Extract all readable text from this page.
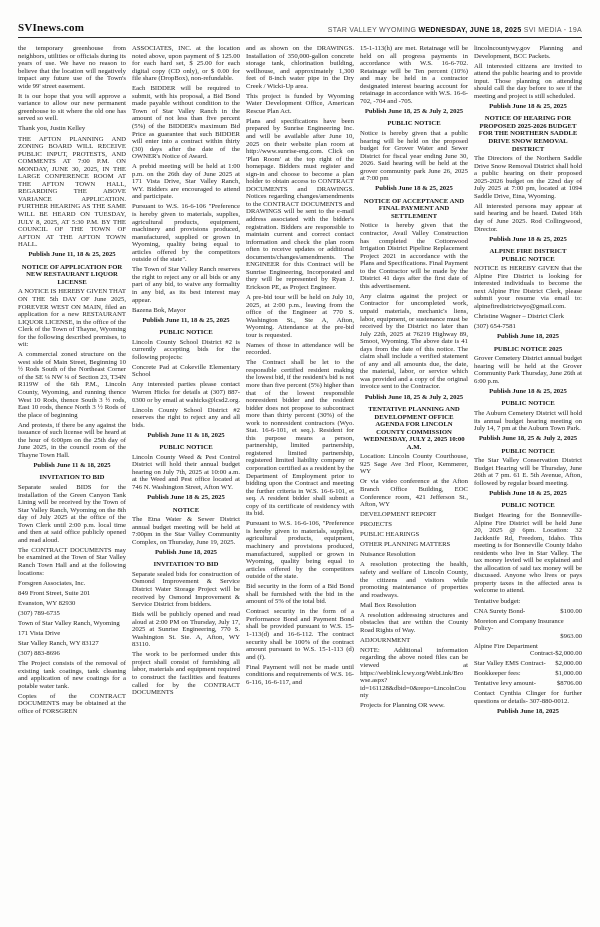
SVInews.com	STAR VALLEY WYOMING WEDNESDAY, JUNE 18, 2025 SVI MEDIA - 19A
the temporary greenhouse from neighbors, utilities or officials during its years of use. We have no reason to believe that the location will negatively impact any future use of the Town's wide 99' street easement.
It is our hope that you will approve a variance to allow our new permanent greenhouse to sit where the old one has served so well.
Thank you, Justin Kelley
THE AFTON PLANNING AND ZONING BOARD WILL RECEIVE PUBLIC INPUT, PROTESTS, AND COMMENTS AT 7:00 P.M. ON MONDAY, JUNE 30, 2025, IN THE LARGE CONFERENCE ROOM AT THE AFTON TOWN HALL, REGARDING THE ABOVE VARIANCE APPLICATION. FURTHER HEARING AS THE SAME WILL BE HEARD ON TUESDAY, JULY 8, 2025, AT 5:30 P.M. BY THE COUNCIL OF THE TOWN OF AFTON AT THE AFTON TOWN HALL.
Publish June 11, 18 & 25, 2025
NOTICE OF APPLICATION FOR NEW RESTAURANT LIQUOR LICENSE
A NOTICE IS HEREBY GIVEN THAT ON THE 5th DAY OF June 2025, FOREVER WEST ON MAIN, filed an application for a new RESTAURANT LIQUOR LICENSE, in the office of the Clerk of the Town of Thayne, Wyoming for the following described premises, to wit:
A commercial zoned structure on the west side of Main Street, Beginning 10 ½ Rods South of the Northeast Corner of the SE ¼ NW ¼ of Section 23, T34N R119W of the 6th P.M., Lincoln County, Wyoming, and running thence West 10 Rods, thence South 3 ½ rods, East 10 rods, thence North 3 ½ Rods of the place of beginning
And protests, if there be any against the issuance of such license will be heard at the hour of 6:00pm on the 25th day of June 2025, in the council room of the Thayne Town Hall.
Publish June 11 & 18, 2025
INVITATION TO BID
Separate sealed BIDS for the installation of the Green Canyon Tank Lining will be received by the Town of Star Valley Ranch, Wyoming on the 8th day of July 2025 at the office of the Town Clerk until 2:00 p.m. local time and then at said office publicly opened and read aloud.
The CONTRACT DOCUMENTS may be examined at the Town of Star Valley Ranch Town Hall and at the following locations:
Forsgren Associates, Inc.
849 Front Street, Suite 201
Evanston, WY 82930
(307) 789-6735
Town of Star Valley Ranch, Wyoming
171 Vista Drive
Star Valley Ranch, WY 83127
(307) 883-8696
The Project consists of the removal of existing tank coatings, tank cleaning and application of new coatings for a potable water tank.
Copies of the CONTRACT DOCUMENTS may be obtained at the office of FORSGREN
ASSOCIATES, INC. at the location noted above, upon payment of $ 125.00 for each hard set, $ 25.00 for each digital copy (CD only), or $ 0.00 for file share (DropBox), non-refundable.
Each BIDDER will be required to submit, with his proposal, a Bid Bond made payable without condition to the Town of Star Valley Ranch in the amount of not less than five percent (5%) of the BIDDER's maximum Bid Price as guarantee that such BIDDER will enter into a contract within thirty (30) days after the date of the OWNER's Notice of Award.
A prebid meeting will be held at 1:00 p.m. on the 26th day of June 2025 at 171 Vista Drive, Star Valley Ranch, WY. Bidders are encouraged to attend and participate.
Pursuant to W.S. 16-6-106 "Preference is hereby given to materials, supplies, agricultural products, equipment, machinery and provisions produced, manufactured, supplied or grown in Wyoming, quality being equal to articles offered by the competitors outside of the state".
The Town of Star Valley Ranch reserves the right to reject any or all bids or any part of any bid, to waive any formality in any bid, as its best interest may appear.
Bazena Bok, Mayor
Publish June 11, 18 & 25, 2025
PUBLIC NOTICE
Lincoln County School District #2 is currently accepting bids for the following projects:
Concrete Pad at Cokeville Elementary School
Any interested parties please contact Warren Hicks for details at (307) 887-0300 or by email at wahicks@lcsd2.org.
Lincoln County School District #2 reserves the right to reject any and all bids.
Publish June 11 & 18, 2025
PUBLIC NOTICE
Lincoln County Weed & Pest Control District will hold their annual budget hearing on July 7th, 2025 at 10:00 a.m. at the Weed and Pest office located at 746 N. Washington Street, Afton WY.
Publish June 18 & 25, 2025
NOTICE
The Etna Water & Sewer District annual budget meeting will be held at 7:00pm in the Star Valley Community Complex, on Thursday, June 19, 2025.
Publish June 18, 2025
INVITATION TO BID
Separate sealed bids for construction of Osmond Improvement & Service District Water Storage Project will be received by Osmond Improvement & Service District from bidders.
Bids will be publicly opened and read aloud at 2:00 PM on Thursday, July 17, 2025 at Sunrise Engineering, 770 S. Washington St. Ste. A, Afton, WY 83110.
The work to be performed under this project shall consist of furnishing all labor, materials and equipment required to construct the facilities and features called for by the CONTRACT DOCUMENTS
and as shown on the DRAWINGS. Installation of 350,000-gallon concrete storage tank, chlorination building, wellhouse, and approximately 1,300 feet of 8-inch water pipe in the Dry Creek / Wicki-Up area.
This project is funded by Wyoming Water Development Office, American Rescue Plan Act.
Plans and specifications have been prepared by Sunrise Engineering Inc. and will be available after June 10, 2025 on their website plan room at http://www.sunrise-eng.com. Click on 'Plan Room' at the top right of the homepage. Bidders must register and sign-in and choose to become a plan holder to obtain access to CONTRACT DOCUMENTS and DRAWINGS. Notices regarding changes/amendments to the CONTRACT DOCUMENTS and DRAWINGS will be sent to the e-mail address associated with the bidder's registration. Bidders are responsible to maintain current and correct contact information and check the plan room often to receive updates or additional documents/changes/amendments. The ENGINEER for this Contract will be Sunrise Engineering, Incorporated and they will be represented by Ryan J. Erickson PE, as Project Engineer.
A pre-bid tour will be held on July 10, 2025, at 2:00 p.m., leaving from the office of the Engineer at 770 S. Washington St., Ste A, Afton, Wyoming. Attendance at the pre-bid tour is requested.
Names of those in attendance will be recorded.
The Contract shall be let to the responsible certified resident making the lowest bid, if the resident's bid is not more than five percent (5%) higher than that of the lowest responsible nonresident bidder and the resident bidder does not propose to subcontract more than thirty percent (30%) of the work to nonresident contractors (Wyo. Stat. 16-6-101, et seq.). Resident for this purpose means a person, partnership, limited partnership, registered limited partnership, registered limited liability company or corporation certified as a resident by the Department of Employment prior to bidding upon the Contract and meeting the further criteria in W.S. 16-6-101, et seq. A resident bidder shall submit a copy of its certificate of residency with its bid.
Pursuant to W.S. 16-6-106, "Preference is hereby given to materials, supplies, agricultural products, equipment, machinery and provisions produced, manufactured, supplied or grown in Wyoming, quality being equal to articles offered by the competitors outside of the state.
Bid security in the form of a Bid Bond shall be furnished with the bid in the amount of 5% of the total bid.
Contract security in the form of a Performance Bond and Payment Bond shall be provided pursuant to W.S. 15-1-113(d) and 16-6-112. The contract security shall be 100% of the contract amount pursuant to W.S. 15-1-113 (d) and (f).
Final Payment will not be made until conditions and requirements of W.S. 16-6-116, 16-6-117, and
15-1-113(h) are met. Retainage will be held on all progress payments in accordance with W.S. 16-6-702. Retainage will be Ten percent (10%) and may be held in a contractor designated interest bearing account for retainage in accordance with W.S. 16-6-702, -704 and -705.
Publish June 18, 25 & July 2, 2025
PUBLIC NOTICE
Notice is hereby given that a public hearing will be held on the proposed budget for Grover Water and Sewer District for fiscal year ending June 30, 2026. Said hearing will be held at the grover community park June 26, 2025 at 7:00 pm
Publish June 18 & 25, 2025
NOTICE OF ACCEPTANCE AND FINAL PAYMENT AND SETTLEMENT
Notice is hereby given that the contractor, Avail Valley Construction has completed the Cottonwood Irrigation District Pipeline Replacement Project 2021 in accordance with the Plans and Specifications. Final Payment to the Contractor will be made by the District 41 days after the first date of this advertisement.
Any claims against the project or Contractor for uncompleted work, unpaid materials, mechanic's liens, labor, equipment, or sustenance must be received by the District no later than July 22th, 2025 at 76219 Highway 89, Smoot, Wyoming. The above date is 41 days from the date of this notice. The claim shall include a verified statement of any and all amounts due, the date, the material, labor, or service which was provided and a copy of the original invoice sent to the Contractor.
Publish June 18, 25 & July 2, 2025
TENTATIVE PLANNING AND DEVELOPMENT OFFICE AGENDA FOR LINCOLN COUNTY COMMISSION WEDNESDAY, JULY 2, 2025 10:00 A.M.
Location: Lincoln County Courthouse, 925 Sage Ave 3rd Floor, Kemmerer, WY
Or via video conference at the Afton Branch Office Building, EOC Conference room, 421 Jefferson St., Afton, WY
DEVELOPMENT REPORT
PROJECTS
PUBLIC HEARINGS
OTHER PLANNING MATTERS
Nuisance Resolution
A resolution protecting the health, safety and welfare of Lincoln County, the citizens and visitors while promoting maintenance of properties and roadways.
Mail Box Resolution
A resolution addressing structures and obstacles that are within the County Road Rights of Way.
ADJOURNMENT
NOTE: Additional information regarding the above noted files can be viewed at https://weblink.lcwy.org/WebLink/Browse.aspx?id=161128&dbid=0&repo=LincolnCounty
Projects for Planning OR www.
lincolncountywy.gov Planning and Development, BCC Packets.
All interested citizens are invited to attend the public hearing and to provide input. Those planning on attending should call the day before to see if the meeting and project is still scheduled.
Publish June 18 & 25, 2025
NOTICE OF HEARING FOR PROPOSED 2025-2026 BUDGET FOR THE NORTHERN SADDLE DRIVE SNOW REMOVAL DISTRICT
The Directors of the Northern Saddle Drive Snow Removal District shall hold a public hearing on their proposed 2025-2026 budget on the 22nd day of July 2025 at 7:00 pm, located at 1094 Saddle Drive, Etna, Wyoming.
All interested persons may appear at said hearing and be heard. Dated 16th day of June 2025. Rod Collingwood, Director.
Publish June 18 & 25, 2025
ALPINE FIRE DISTRICT PUBLIC NOTICE
NOTICE IS HEREBY GIVEN that the Alpine Fire District is looking for interested individuals to become the next Alpine Fire District Clerk, please submit your resume via email to: alpinefiredistrictwyo@gmail.com.
Christine Wagner – District Clerk
(307) 654-7581
Publish June 18, 2025
PUBLIC NOTICE 2025
Grover Cemetery District annual budget hearing will be held at the Grover Community Park Thursday, June 26th at 6:00 p.m.
Publish June 18 & 25, 2025
PUBLIC NOTICE
The Auburn Cemetery District will hold its annual budget hearing meeting on July 14, 7 pm at the Auburn Town Park.
Publish June 18, 25 & July 2, 2025
PUBLIC NOTICE
The Star Valley Conservation District Budget Hearing will be Thursday, June 26th at 7 pm. 61 E. 5th Avenue, Afton, followed by regular board meeting.
Publish June 18 & 25, 2025
PUBLIC NOTICE
Budget Hearing for the Bonneville-Alpine Fire District will be held June 20, 2025 @ 6pm. Location: 32 Jackknife Rd, Freedom, Idaho. This meeting is for Bonneville County Idaho residents who live in Star Valley. The tax money levied will be explained and the allocation of said tax money will be discussed. Anyone who lives or pays property taxes in the affected area is welcome to attend.
Tentative budget:
CNA Surety Bond-	$100.00
Moreton and Company Insurance Policy-
$963.00
Alpine Fire Department
Contract-$2,000.00
Star Valley EMS Contract-	$2,000.00
Bookkeeper fees:	$1,000.00
Tentative levy amount-	$8706.00
Contact Cynthia Clinger for further questions or details- 307-880-0012.
Publish June 18, 2025
